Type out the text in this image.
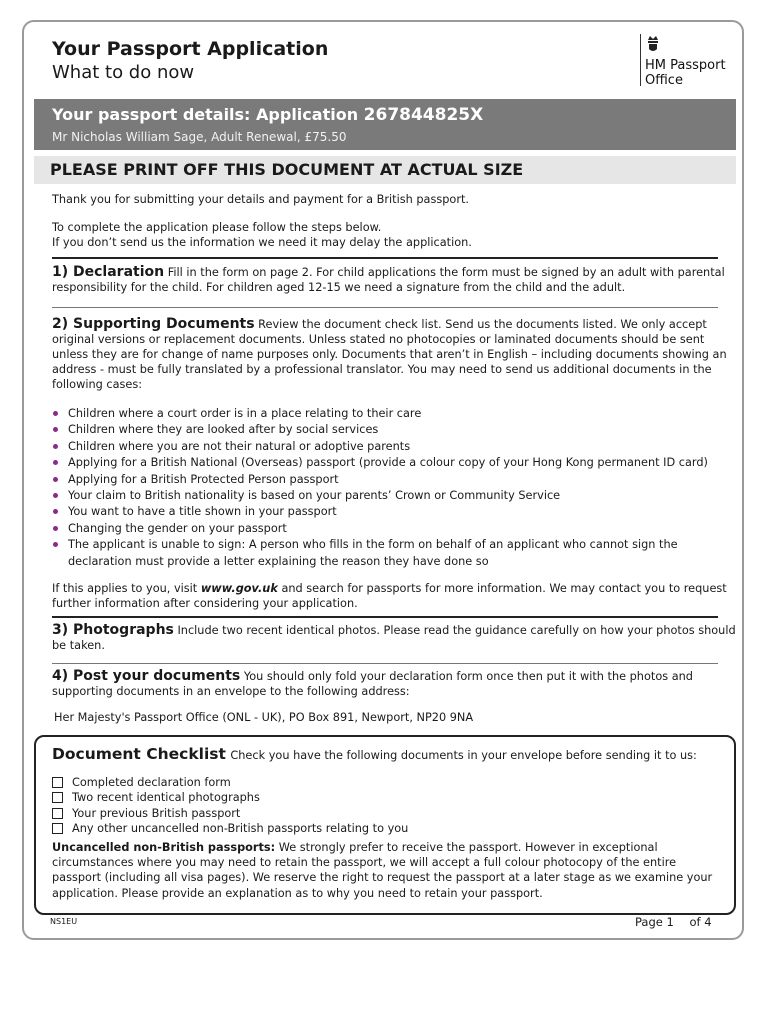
Your Passport Application
What to do now	HM Passport
Office
Your passport details: Application 267844825X
Mr Nicholas William Sage, Adult Renewal, £75.50
PLEASE PRINT OFF THIS DOCUMENT AT ACTUAL SIZE
Thank you for submitting your details and payment for a British passport.
To complete the application please follow the steps below.
If you don’t send us the information we need it may delay the application.
1) Declaration Fill in the form on page 2. For child applications the form must be signed by an adult with parental responsibility for the child. For children aged 12-15 we need a signature from the child and the adult.
2) Supporting Documents Review the document check list. Send us the documents listed. We only accept original versions or replacement documents. Unless stated no photocopies or laminated documents should be sent unless they are for change of name purposes only. Documents that aren’t in English – including documents showing an address - must be fully translated by a professional translator. You may need to send us additional documents in the following cases:
Children where a court order is in a place relating to their care
Children where they are looked after by social services
Children where you are not their natural or adoptive parents
Applying for a British National (Overseas) passport (provide a colour copy of your Hong Kong permanent ID card)
Applying for a British Protected Person passport
Your claim to British nationality is based on your parents’ Crown or Community Service
You want to have a title shown in your passport
Changing the gender on your passport
The applicant is unable to sign: A person who fills in the form on behalf of an applicant who cannot sign the declaration must provide a letter explaining the reason they have done so
If this applies to you, visit www.gov.uk and search for passports for more information. We may contact you to request further information after considering your application.
3) Photographs Include two recent identical photos. Please read the guidance carefully on how your photos should be taken.
4) Post your documents You should only fold your declaration form once then put it with the photos and supporting documents in an envelope to the following address:
Her Majesty's Passport Office (ONL - UK), PO Box 891, Newport, NP20 9NA
Document Checklist Check you have the following documents in your envelope before sending it to us:
Completed declaration form
Two recent identical photographs
Your previous British passport
Any other uncancelled non-British passports relating to you
Uncancelled non-British passports: We strongly prefer to receive the passport. However in exceptional circumstances where you may need to retain the passport, we will accept a full colour photocopy of the entire passport (including all visa pages). We reserve the right to request the passport at a later stage as we examine your application. Please provide an explanation as to why you need to retain your passport.
NS1EU	Page 1 of 4
